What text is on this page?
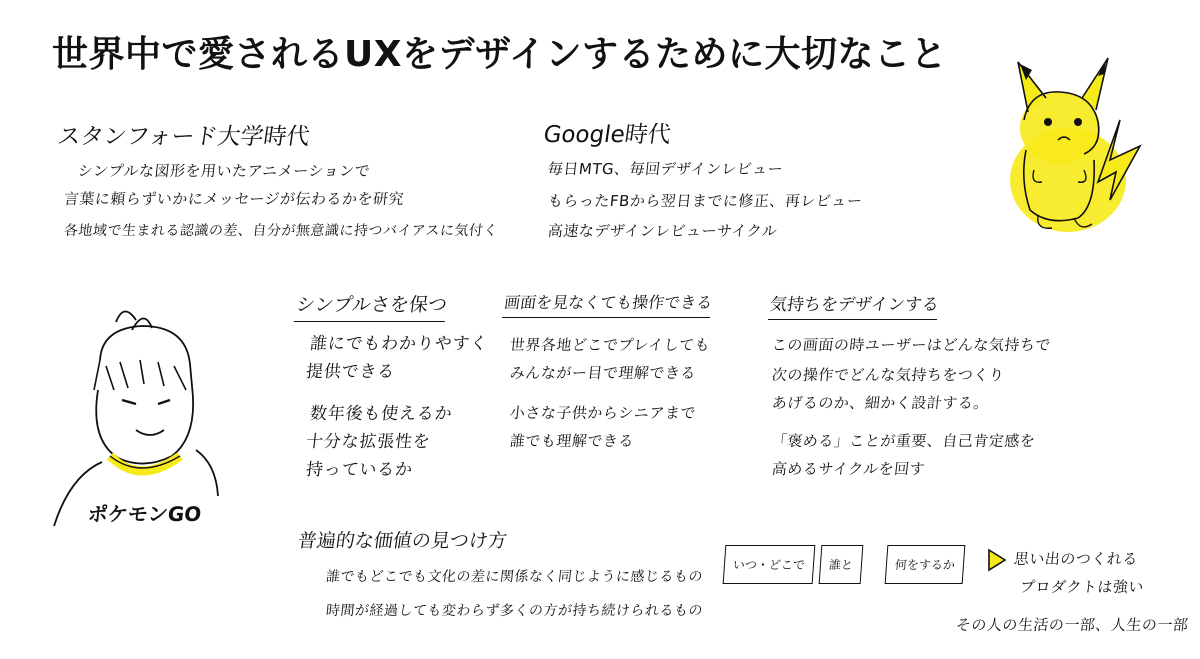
世界中で愛されるUXをデザインするために大切なこと
スタンフォード大学時代
シンプルな図形を用いたアニメーションで
言葉に頼らずいかにメッセージが伝わるかを研究
各地域で生まれる認識の差、自分が無意識に持つバイアスに気付く
Google時代
毎日MTG、毎回デザインレビュー
もらったFBから翌日までに修正、再レビュー
高速なデザインレビューサイクル
ポケモンGO
シンプルさを保つ
誰にでもわかりやすく
提供できる
数年後も使えるか
十分な拡張性を
持っているか
画面を見なくても操作できる
世界各地どこでプレイしても
みんながー目で理解できる
小さな子供からシニアまで
誰でも理解できる
気持ちをデザインする
この画面の時ユーザーはどんな気持ちで
次の操作でどんな気持ちをつくり
あげるのか、細かく設計する。
「褒める」ことが重要、自己肯定感を
高めるサイクルを回す
普遍的な価値の見つけ方
誰でもどこでも文化の差に関係なく同じように感じるもの
時間が経過しても変わらず多くの方が持ち続けられるもの
いつ・どこで	誰と	何をするか	思い出のつくれる
プロダクトは強い
その人の生活の一部、人生の一部
